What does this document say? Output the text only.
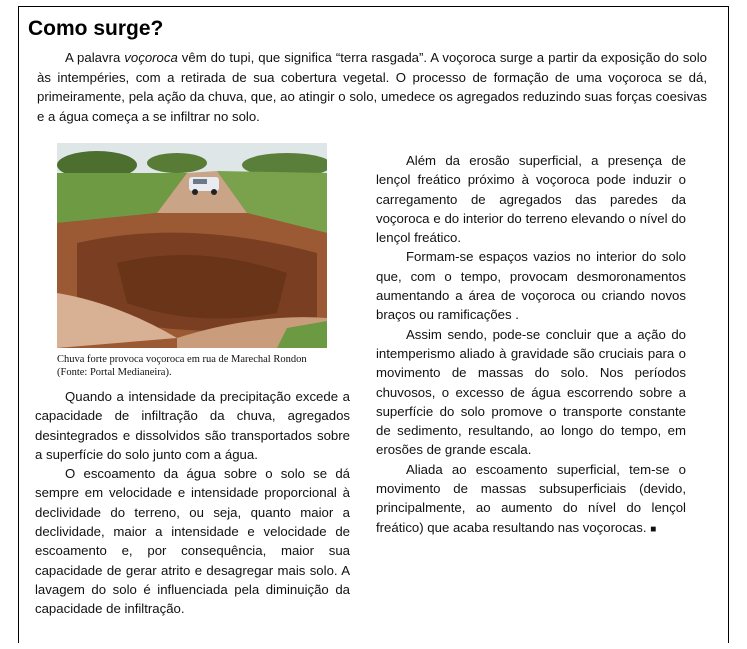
Como surge?

A palavra voçoroca vêm do tupi, que significa “terra rasgada”. A voçoroca surge a partir da exposição do solo às intempéries, com a retirada de sua cobertura vegetal. O processo de formação de uma voçoroca se dá, primeiramente, pela ação da chuva, que, ao atingir o solo, umedece os agregados reduzindo suas forças coesivas e a água começa a se infiltrar no solo.

Chuva forte provoca voçoroca em rua de Marechal Rondon (Fonte: Portal Medianeira).

Quando a intensidade da precipitação excede a capacidade de infiltração da chuva, agregados desintegrados e dissolvidos são transportados sobre a superfície do solo junto com a água.

O escoamento da água sobre o solo se dá sempre em velocidade e intensidade proporcional à declividade do terreno, ou seja, quanto maior a declividade, maior a intensidade e velocidade de escoamento e, por consequência, maior sua capacidade de gerar atrito e desagregar mais solo. A lavagem do solo é influenciada pela diminuição da capacidade de infiltração.

Além da erosão superficial, a presença de lençol freático próximo à voçoroca pode induzir o carregamento de agregados das paredes da voçoroca e do interior do terreno elevando o nível do lençol freático.

Formam-se espaços vazios no interior do solo que, com o tempo, provocam desmoronamentos aumentando a área de voçoroca ou criando novos braços ou ramificações .

Assim sendo, pode-se concluir que a ação do intemperismo aliado à gravidade são cruciais para o movimento de massas do solo. Nos períodos chuvosos, o excesso de água escorrendo sobre a superfície do solo promove o transporte constante de sedimento, resultando, ao longo do tempo, em erosões de grande escala.

Aliada ao escoamento superficial, tem-se o movimento de massas subsuperficiais (devido, principalmente, ao aumento do nível do lençol freático) que acaba resultando nas voçorocas. ■
